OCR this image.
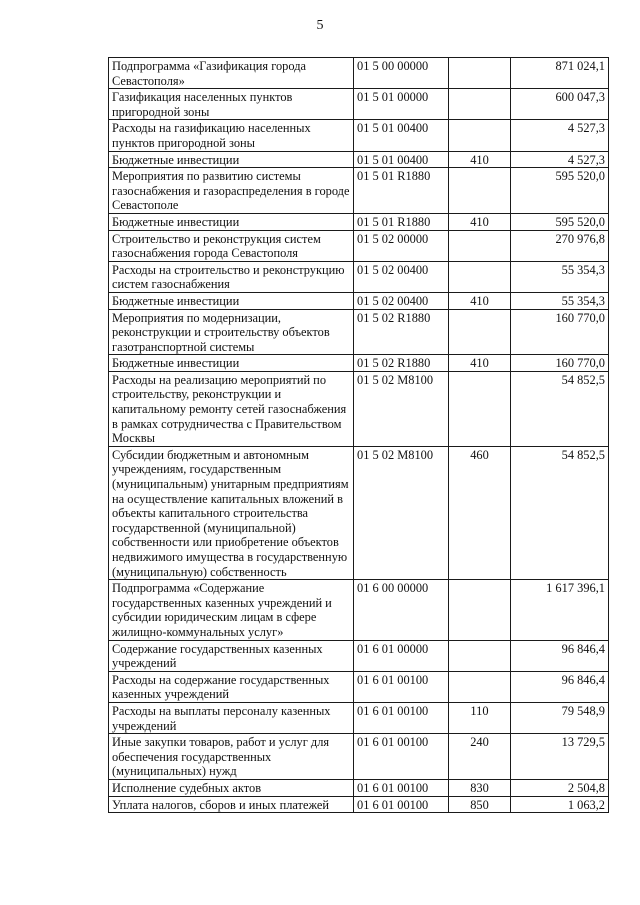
5
Подпрограмма «Газификация города Севастополя»	01 5 00 00000		871 024,1
Газификация населенных пунктов пригородной зоны	01 5 01 00000		600 047,3
Расходы на газификацию населенных пунктов пригородной зоны	01 5 01 00400		4 527,3
Бюджетные инвестиции	01 5 01 00400	410	4 527,3
Мероприятия по развитию системы газоснабжения и газораспределения в городе Севастополе	01 5 01 R1880		595 520,0
Бюджетные инвестиции	01 5 01 R1880	410	595 520,0
Строительство и реконструкция систем газоснабжения города Севастополя	01 5 02 00000		270 976,8
Расходы на строительство и реконструкцию систем газоснабжения	01 5 02 00400		55 354,3
Бюджетные инвестиции	01 5 02 00400	410	55 354,3
Мероприятия по модернизации, реконструкции и строительству объектов газотранспортной системы	01 5 02 R1880		160 770,0
Бюджетные инвестиции	01 5 02 R1880	410	160 770,0
Расходы на реализацию мероприятий по строительству, реконструкции и капитальному ремонту сетей газоснабжения в рамках сотрудничества с Правительством Москвы	01 5 02 M8100		54 852,5
Субсидии бюджетным и автономным учреждениям, государственным (муниципальным) унитарным предприятиям на осуществление капитальных вложений в объекты капитального строительства государственной (муниципальной) собственности или приобретение объектов недвижимого имущества в государственную (муниципальную) собственность	01 5 02 M8100	460	54 852,5
Подпрограмма «Содержание государственных казенных учреждений и субсидии юридическим лицам в сфере жилищно-коммунальных услуг»	01 6 00 00000		1 617 396,1
Содержание государственных казенных учреждений	01 6 01 00000		96 846,4
Расходы на содержание государственных казенных учреждений	01 6 01 00100		96 846,4
Расходы на выплаты персоналу казенных учреждений	01 6 01 00100	110	79 548,9
Иные закупки товаров, работ и услуг для обеспечения государственных (муниципальных) нужд	01 6 01 00100	240	13 729,5
Исполнение судебных актов	01 6 01 00100	830	2 504,8
Уплата налогов, сборов и иных платежей	01 6 01 00100	850	1 063,2
